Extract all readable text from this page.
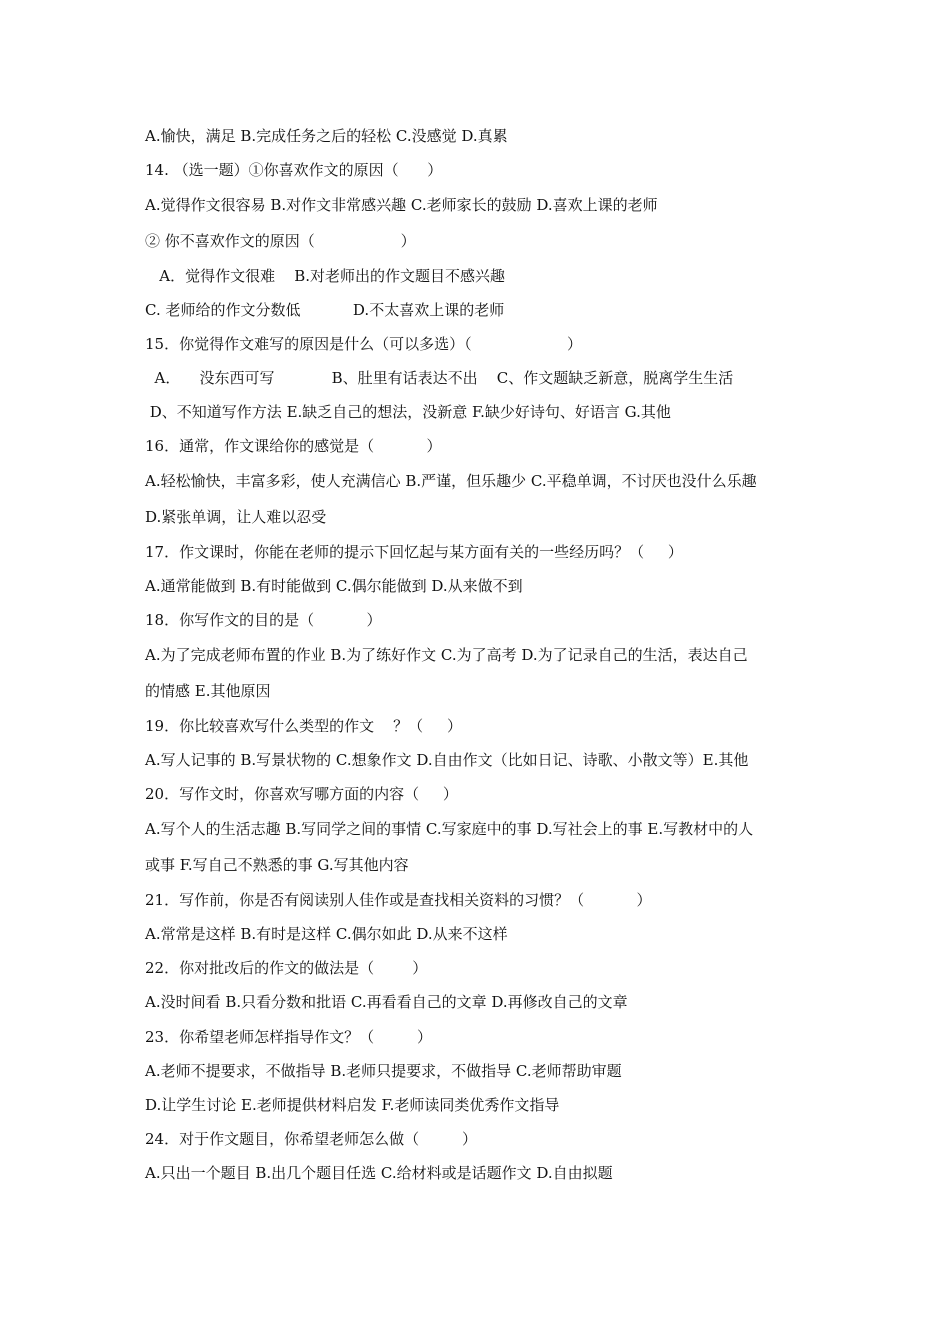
A.愉快，满足 B.完成任务之后的轻松 C.没感觉 D.真累
14. （选一题）①你喜欢作文的原因（      ）
A.觉得作文很容易 B.对作文非常感兴趣 C.老师家长的鼓励 D.喜欢上课的老师
② 你不喜欢作文的原因（                  ）
A．觉得作文很难    B.对老师出的作文题目不感兴趣
C. 老师给的作文分数低           D.不太喜欢上课的老师
15．你觉得作文难写的原因是什么（可以多选）（                    ）
A．    没东西可写            B、肚里有话表达不出    C、作文题缺乏新意，脱离学生生活
D、不知道写作方法 E.缺乏自己的想法，没新意 F.缺少好诗句、好语言 G.其他
16．通常，作文课给你的感觉是（           ）
A.轻松愉快，丰富多彩，使人充满信心 B.严谨，但乐趣少 C.平稳单调，不讨厌也没什么乐趣
D.紧张单调，让人难以忍受
17．作文课时，你能在老师的提示下回忆起与某方面有关的一些经历吗？（     ）
A.通常能做到 B.有时能做到 C.偶尔能做到 D.从来做不到
18．你写作文的目的是（           ）
A.为了完成老师布置的作业 B.为了练好作文 C.为了高考 D.为了记录自己的生活，表达自己
的情感 E.其他原因
19．你比较喜欢写什么类型的作文    ？（     ）
A.写人记事的 B.写景状物的 C.想象作文 D.自由作文（比如日记、诗歌、小散文等）E.其他
20．写作文时，你喜欢写哪方面的内容（     ）
A.写个人的生活志趣 B.写同学之间的事情 C.写家庭中的事 D.写社会上的事 E.写教材中的人
或事 F.写自己不熟悉的事 G.写其他内容
21．写作前，你是否有阅读别人佳作或是查找相关资料的习惯？（           ）
A.常常是这样 B.有时是这样 C.偶尔如此 D.从来不这样
22．你对批改后的作文的做法是（        ）
A.没时间看 B.只看分数和批语 C.再看看自己的文章 D.再修改自己的文章
23．你希望老师怎样指导作文？（         ）
A.老师不提要求，不做指导 B.老师只提要求，不做指导 C.老师帮助审题
D.让学生讨论 E.老师提供材料启发 F.老师读同类优秀作文指导
24．对于作文题目，你希望老师怎么做（         ）
A.只出一个题目 B.出几个题目任选 C.给材料或是话题作文 D.自由拟题
